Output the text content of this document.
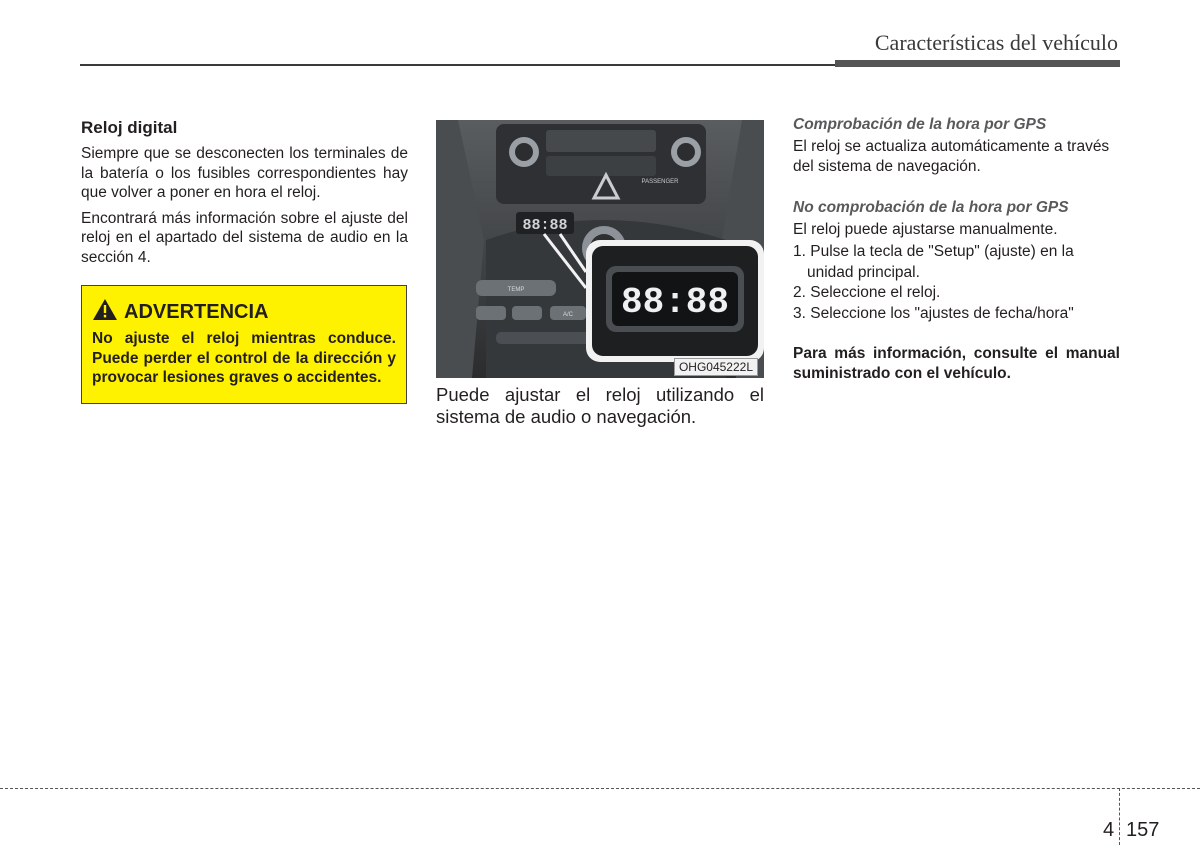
Características del vehículo
Reloj digital

Siempre que se desconecten los terminales de la batería o los fusibles correspondientes hay que volver a poner en hora el reloj.

Encontrará más información sobre el ajuste del reloj en el apartado del sistema de audio en la sección 4.

ADVERTENCIA
No ajuste el reloj mientras conduce. Puede perder el control de la dirección y provocar lesiones graves o accidentes.
88:88
PASSENGER
TEMP
A/C 88:88
OHG045222L
Puede ajustar el reloj utilizando el sistema de audio o navegación.
Comprobación de la hora por GPS

El reloj se actualiza automáticamente a través del sistema de navegación.

No comprobación de la hora por GPS

El reloj puede ajustarse manualmente.

1. Pulse la tecla de "Setup" (ajuste) en la unidad principal.
2. Seleccione el reloj.
3. Seleccione los "ajustes de fecha/hora"
Para más información, consulte el manual suministrado con el vehículo.
4 157
